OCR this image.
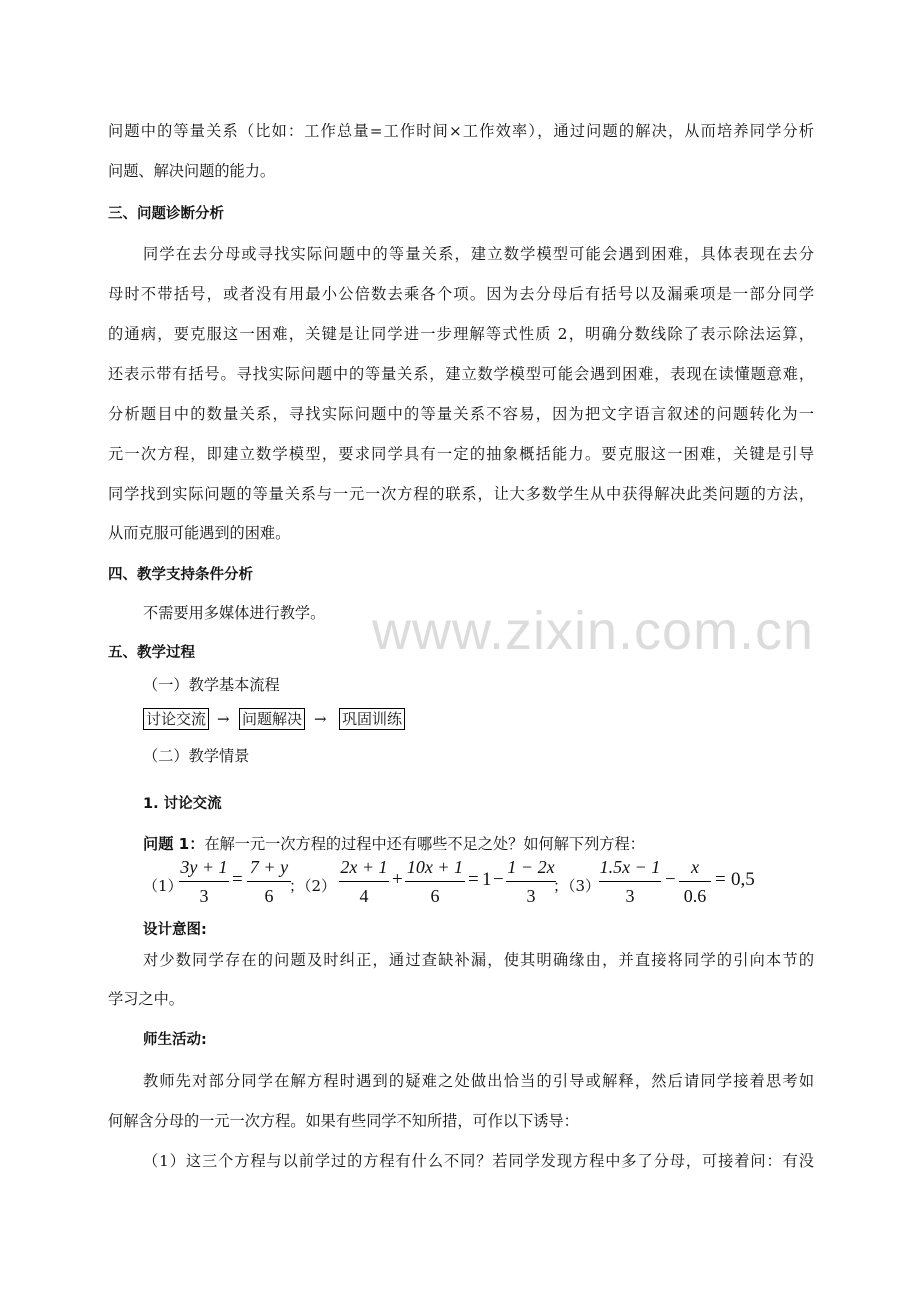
www.zixin.com.cn
问题中的等量关系（比如：工作总量=工作时间×工作效率），通过问题的解决，从而培养同学分析
问题、解决问题的能力。
三、问题诊断分析
同学在去分母或寻找实际问题中的等量关系，建立数学模型可能会遇到困难，具体表现在去分
母时不带括号，或者没有用最小公倍数去乘各个项。因为去分母后有括号以及漏乘项是一部分同学
的通病，要克服这一困难，关键是让同学进一步理解等式性质 2，明确分数线除了表示除法运算，
还表示带有括号。寻找实际问题中的等量关系，建立数学模型可能会遇到困难，表现在读懂题意难，
分析题目中的数量关系，寻找实际问题中的等量关系不容易，因为把文字语言叙述的问题转化为一
元一次方程，即建立数学模型，要求同学具有一定的抽象概括能力。要克服这一困难，关键是引导
同学找到实际问题的等量关系与一元一次方程的联系，让大多数学生从中获得解决此类问题的方法，
从而克服可能遇到的困难。
四、教学支持条件分析
不需要用多媒体进行教学。
五、教学过程
（一）教学基本流程
讨论交流 → 问题解决 → 巩固训练
（二）教学情景
1. 讨论交流
问题 1：在解一元一次方程的过程中还有哪些不足之处？如何解下列方程：
（1）
3y + 1
3
=
7 + y
6	；（2）
2x + 1
4
+
10x + 1
6
= 1 −
1 − 2x
3	；（3）
1.5x − 1
3
−
x
0.6
= 0,5
设计意图:
对少数同学存在的问题及时纠正，通过查缺补漏，使其明确缘由，并直接将同学的引向本节的
学习之中。
师生活动:
教师先对部分同学在解方程时遇到的疑难之处做出恰当的引导或解释，然后请同学接着思考如
何解含分母的一元一次方程。如果有些同学不知所措，可作以下诱导：
（1）这三个方程与以前学过的方程有什么不同？若同学发现方程中多了分母，可接着问：有没
